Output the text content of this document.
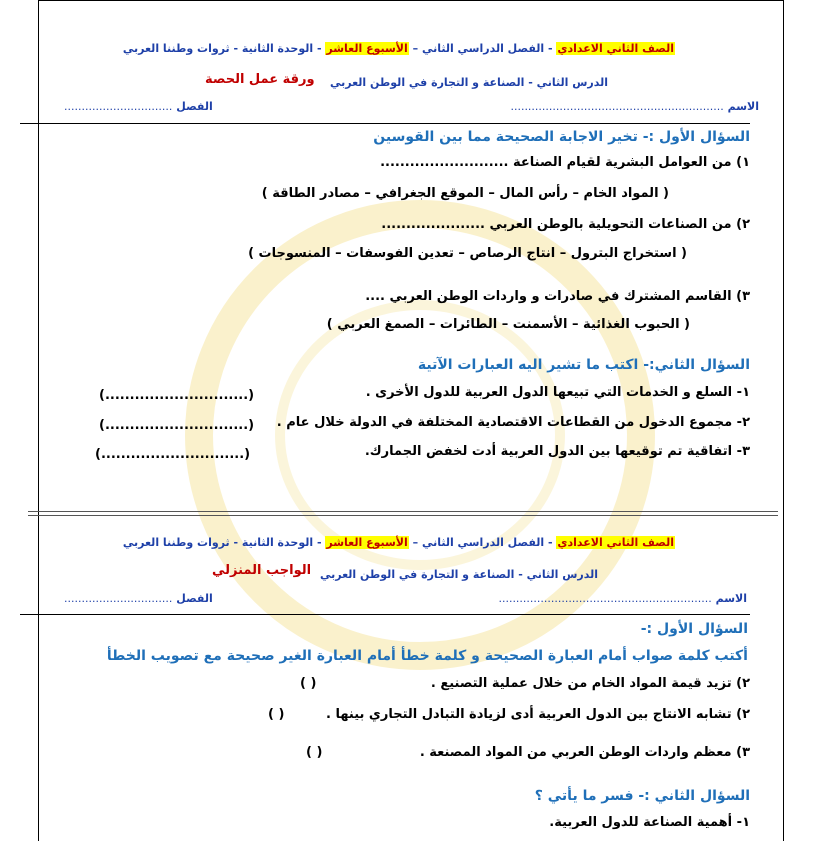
الصف الثاني الاعدادي - الفصل الدراسي الثاني – الأسبوع العاشر - الوحدة الثانية - ثروات وطننا العربي
ورقة عمل الحصة الدرس الثاني - الصناعة و التجارة في الوطن العربي
الاسم .............................................................
الفصل ...............................
السؤال الأول :- تخير الاجابة الصحيحة مما بين القوسين
١) من العوامل البشرية لقيام الصناعة ..........................
( المواد الخام – رأس المال – الموقع الجغرافي – مصادر الطاقة )
٢) من الصناعات التحويلية بالوطن العربي .....................
( استخراج البترول – انتاج الرصاص – تعدين الفوسفات – المنسوجات )
٣) القاسم المشترك في صادرات و واردات الوطن العربي ....
( الحبوب الغذائية – الأسمنت – الطائرات – الصمغ العربي )
السؤال الثاني:- اكتب ما تشير اليه العبارات الآتية
١- السلع و الخدمات التي تبيعها الدول العربية للدول الأخرى .
(.............................)
٢- مجموع الدخول من القطاعات الاقتصادية المختلفة في الدولة خلال عام .
(.............................)
٣- اتفاقية تم توقيعها بين الدول العربية أدت لخفض الجمارك.
(.............................)
الصف الثاني الاعدادي - الفصل الدراسي الثاني – الأسبوع العاشر - الوحدة الثانية - ثروات وطننا العربي
الواجب المنزلي الدرس الثاني - الصناعة و التجارة في الوطن العربي
الاسم .............................................................
الفصل ...............................
السؤال الأول :-
أكتب كلمة صواب أمام العبارة الصحيحة و كلمة خطأ أمام العبارة الغير صحيحة مع تصويب الخطأ
٢) تزيد قيمة المواد الخام من خلال عملية التصنيع .
( )
٢) تشابه الانتاج بين الدول العربية أدى لزيادة التبادل التجاري بينها .
( )
٣) معظم واردات الوطن العربي من المواد المصنعة .
( )
السؤال الثاني :- فسر ما يأتي ؟
١- أهمية الصناعة للدول العربية.
